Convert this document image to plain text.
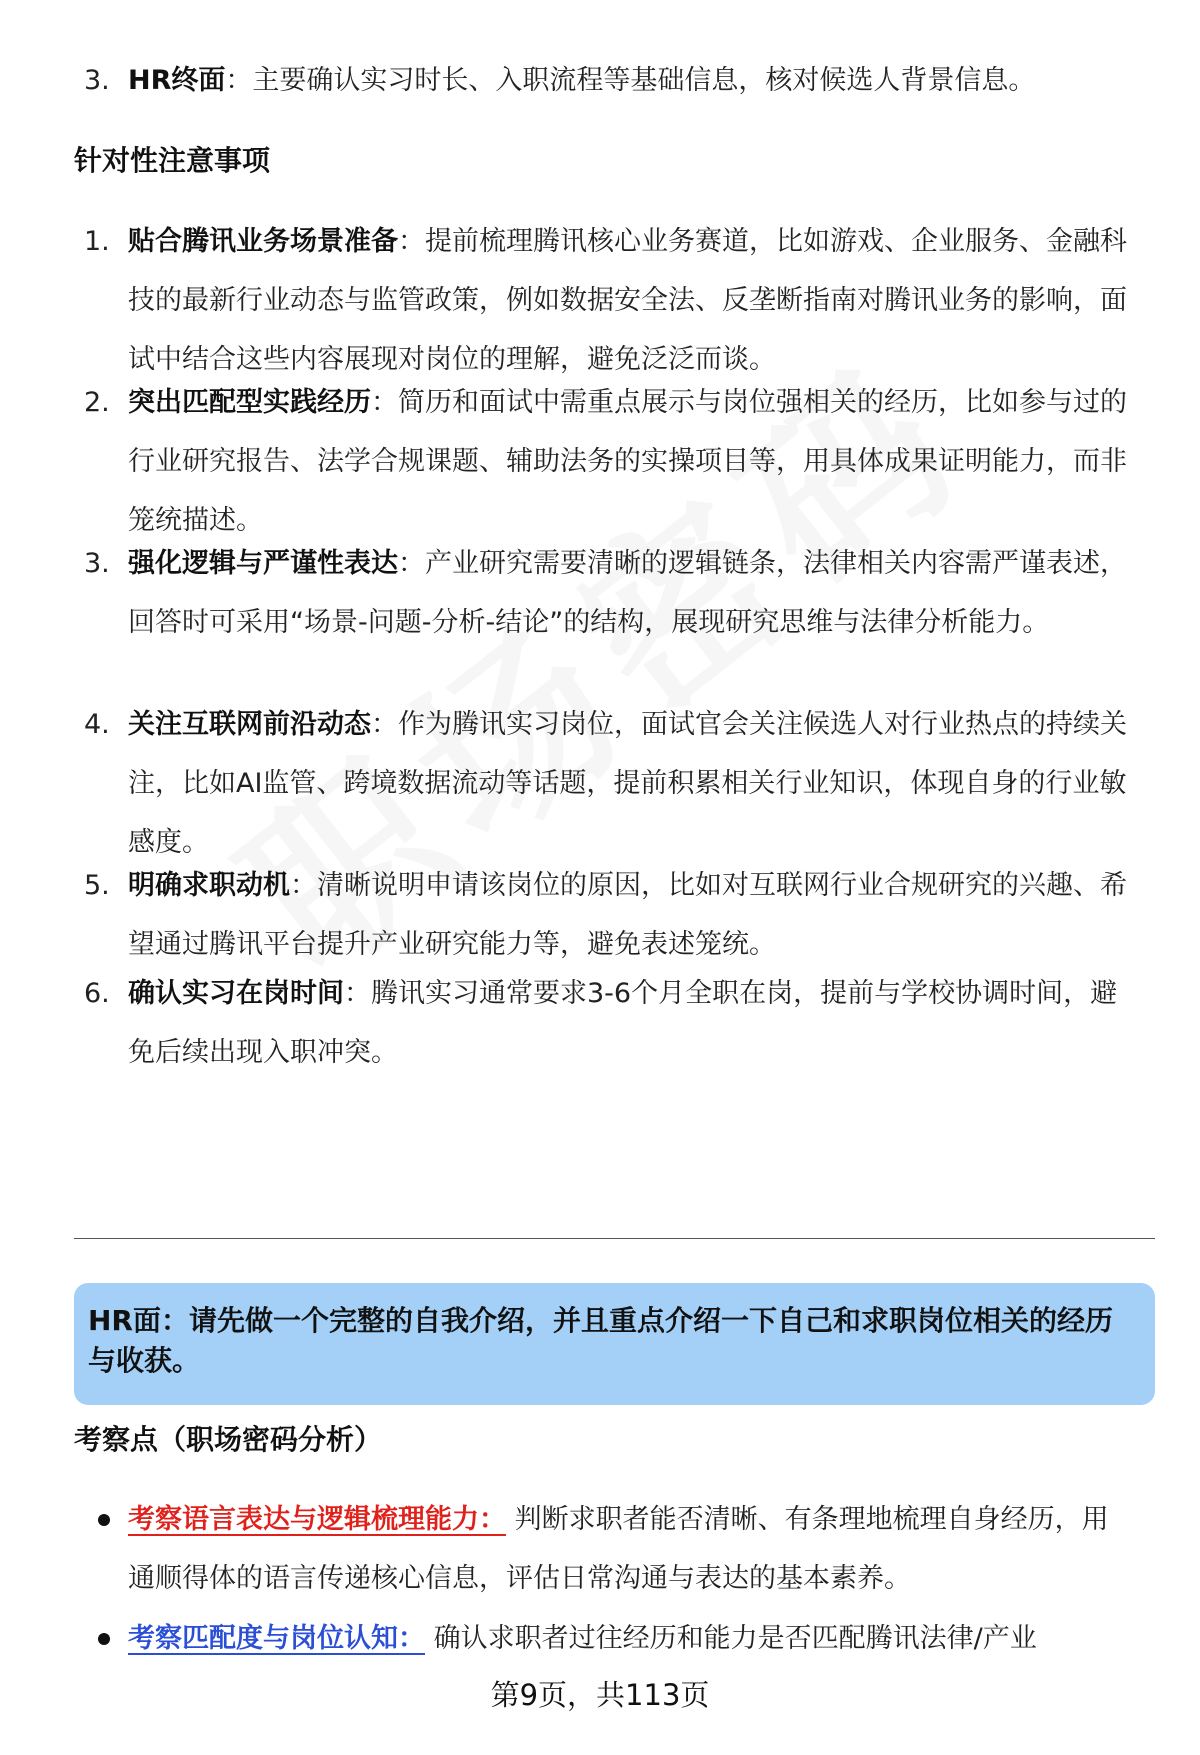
3. HR终面：主要确认实习时长、入职流程等基础信息，核对候选人背景信息。
针对性注意事项
1. 贴合腾讯业务场景准备：提前梳理腾讯核心业务赛道，比如游戏、企业服务、金融科技的最新行业动态与监管政策，例如数据安全法、反垄断指南对腾讯业务的影响，面试中结合这些内容展现对岗位的理解，避免泛泛而谈。
2. 突出匹配型实践经历：简历和面试中需重点展示与岗位强相关的经历，比如参与过的行业研究报告、法学合规课题、辅助法务的实操项目等，用具体成果证明能力，而非笼统描述。
3. 强化逻辑与严谨性表达：产业研究需要清晰的逻辑链条，法律相关内容需严谨表述，回答时可采用“场景-问题-分析-结论”的结构，展现研究思维与法律分析能力。
4. 关注互联网前沿动态：作为腾讯实习岗位，面试官会关注候选人对行业热点的持续关注，比如AI监管、跨境数据流动等话题，提前积累相关行业知识，体现自身的行业敏感度。
5. 明确求职动机：清晰说明申请该岗位的原因，比如对互联网行业合规研究的兴趣、希望通过腾讯平台提升产业研究能力等，避免表述笼统。
6. 确认实习在岗时间：腾讯实习通常要求3-6个月全职在岗，提前与学校协调时间，避免后续出现入职冲突。
HR面：请先做一个完整的自我介绍，并且重点介绍一下自己和求职岗位相关的经历与收获。
考察点（职场密码分析）
考察语言表达与逻辑梳理能力： 判断求职者能否清晰、有条理地梳理自身经历，用通顺得体的语言传递核心信息，评估日常沟通与表达的基本素养。
考察匹配度与岗位认知： 确认求职者过往经历和能力是否匹配腾讯法律/产业
第9页，共113页
